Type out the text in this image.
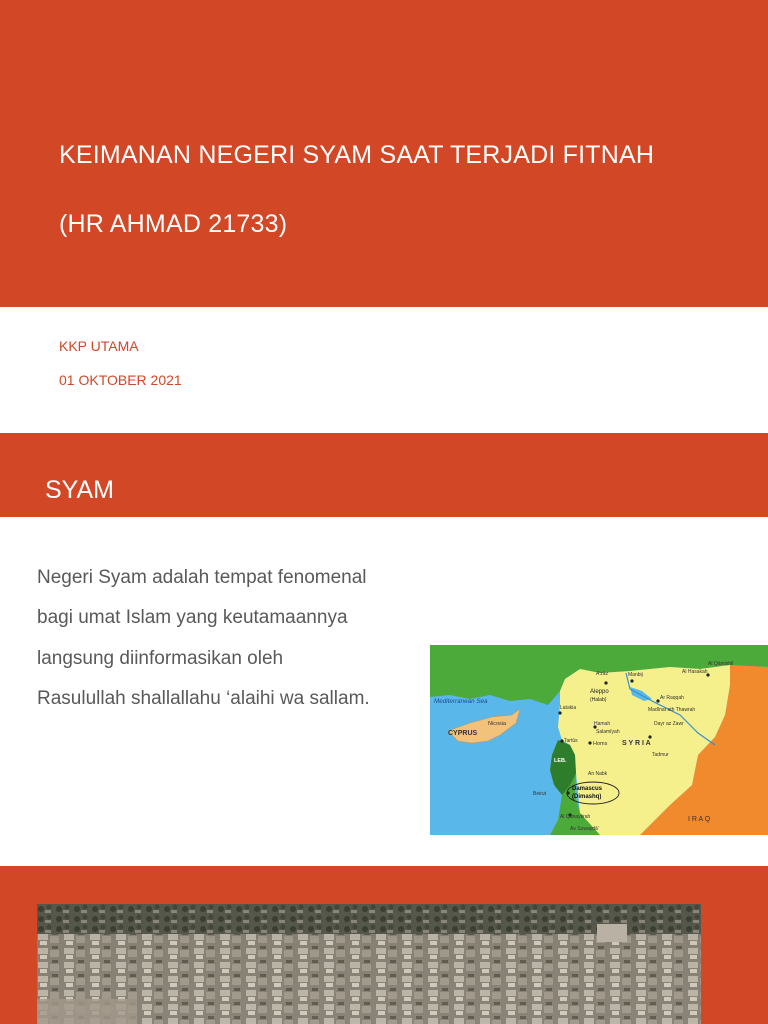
KEIMANAN NEGERI SYAM SAAT TERJADI FITNAH
(HR AHMAD 21733)
KKP UTAMA
01 OKTOBER 2021
SYAM
Negeri Syam adalah tempat fenomenal
bagi umat Islam yang keutamaannya
langsung diinformasikan oleh
Rasulullah shallallahu ‘alaihi wa sallam.	Mediterranean Sea
CYPRUS
Nicosia
A'zāz	Manbij
Al Qāmishlī
Al Hasakah
Aleppo
(Halab)	Ar Raqqah
Madīnat ath Thawrah
Dayr az Zawr
Latakia
Hamah
Salamīyah
Tartūs	Homs S Y R I A
Tadmur
LEB.
An Nabk
Beirut
Damascus
(Dimashq)
Al Qunaytirah
As Suwaydā'
I R A Q
